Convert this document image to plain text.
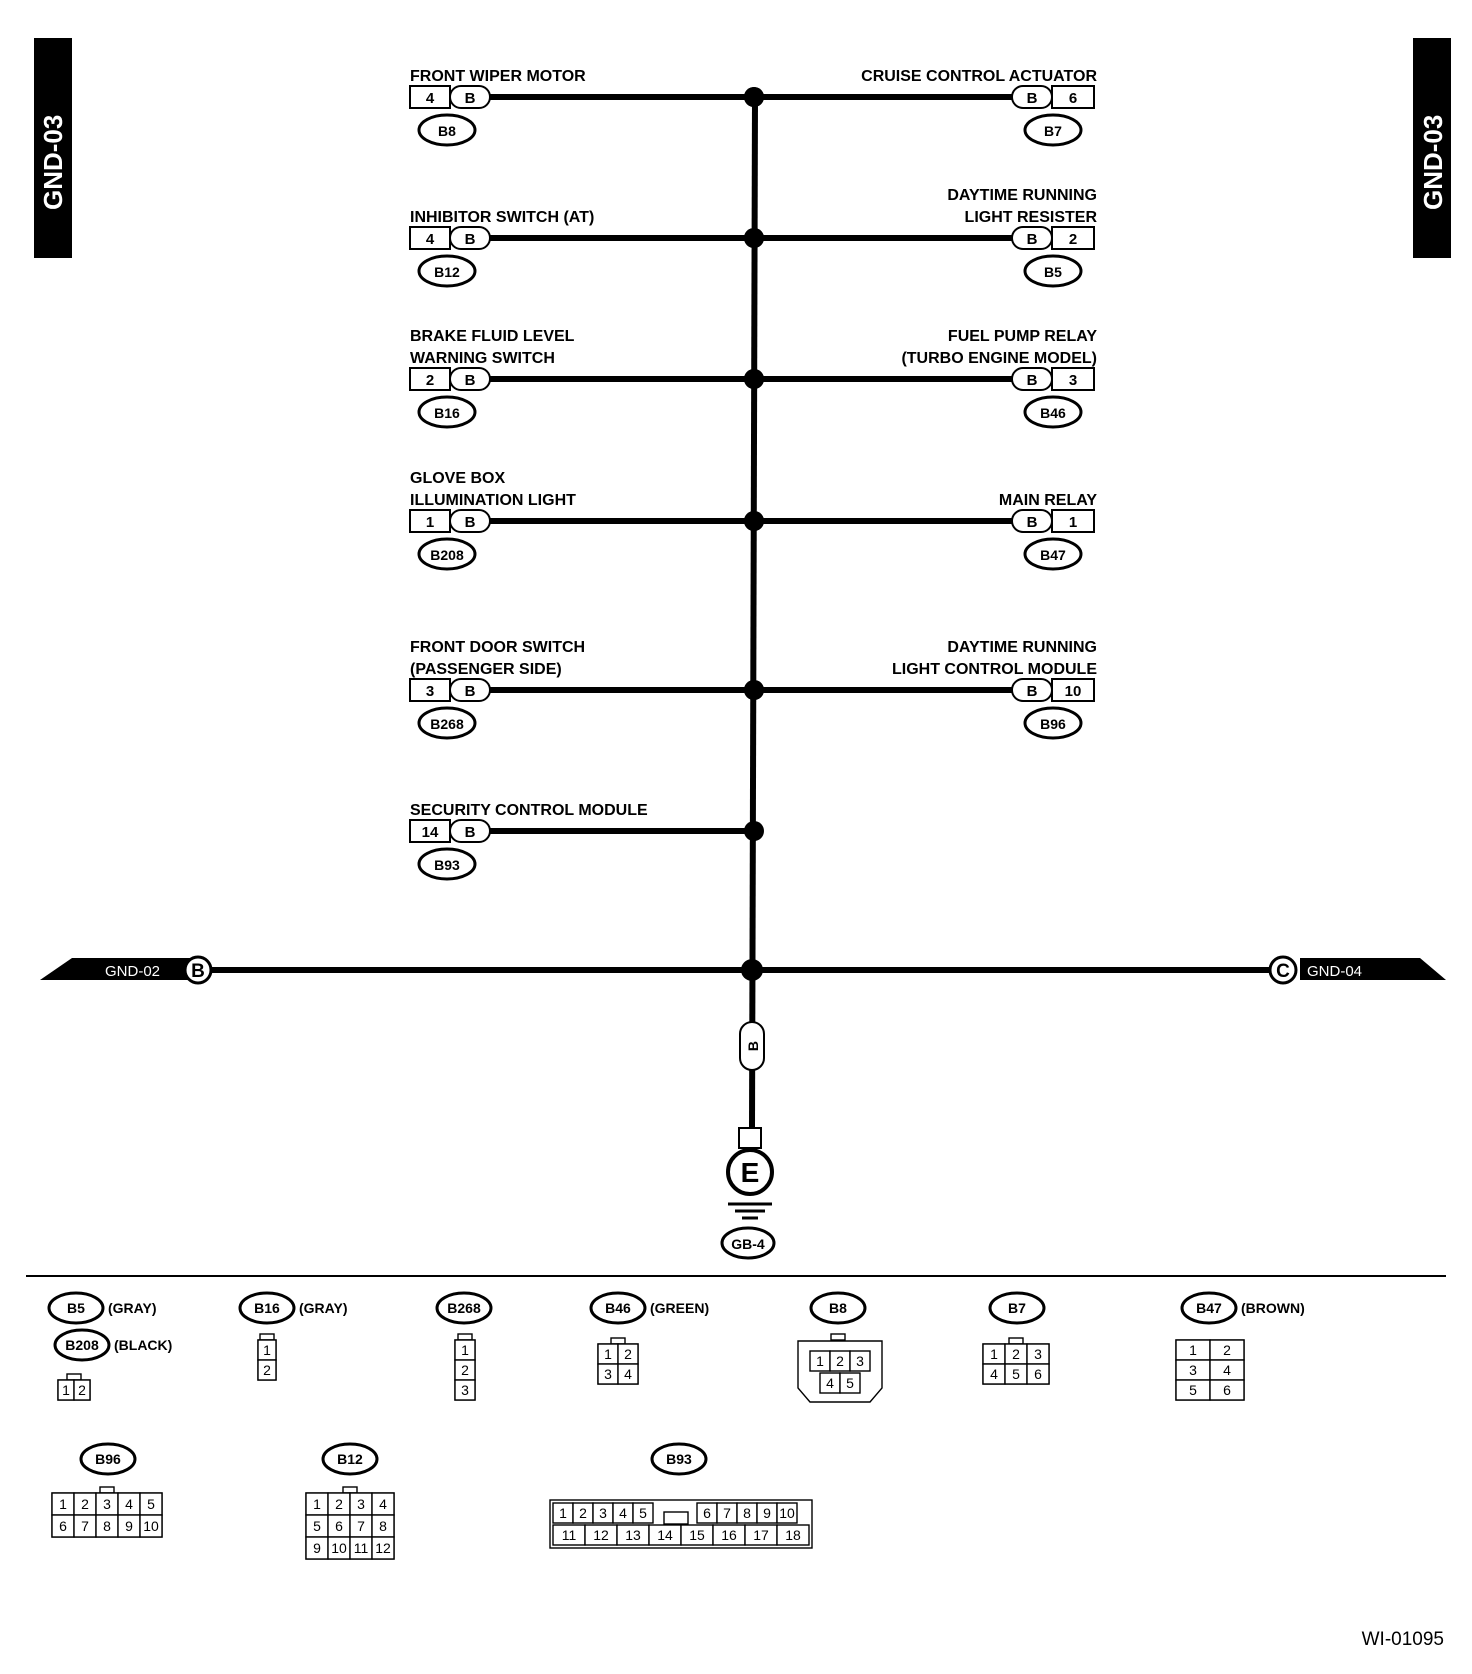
GND-03	GND-03
FRONT WIPER MOTOR
4 B
B8
INHIBITOR SWITCH (AT)
4 B
B12
BRAKE FLUID LEVEL
WARNING SWITCH
2 B
B16
GLOVE BOX
ILLUMINATION LIGHT
1 B
B208
FRONT DOOR SWITCH
(PASSENGER SIDE)
3 B
B268
SECURITY CONTROL MODULE
14 B
B93
CRUISE CONTROL ACTUATOR
B 6
B7
DAYTIME RUNNING
LIGHT RESISTER
B 2
B5
FUEL PUMP RELAY
(TURBO ENGINE MODEL)
B 3
B46
MAIN RELAY
B 1
B47
DAYTIME RUNNING
LIGHT CONTROL MODULE
B 10
B96
GND-02 B	C GND-04
B
E
GB-4
B5 (GRAY)
B208 (BLACK)
1 2
B16 (GRAY)
1
2
B268
1
2
3
B46 (GREEN)
1 2
3 4
B8
1 2 3
4 5
B7
1 2 3
4 5 6
B47 (BROWN)
1 2
3 4
5 6
B96
1 2 3 4 5
6 7 8 9 10
B12
1 2 3 4
5 6 7 8
9 10 11 12
B93
1 2 3 4 5	6 7 8 9 10
11 12 13 14 15 16 17 18
WI-01095
